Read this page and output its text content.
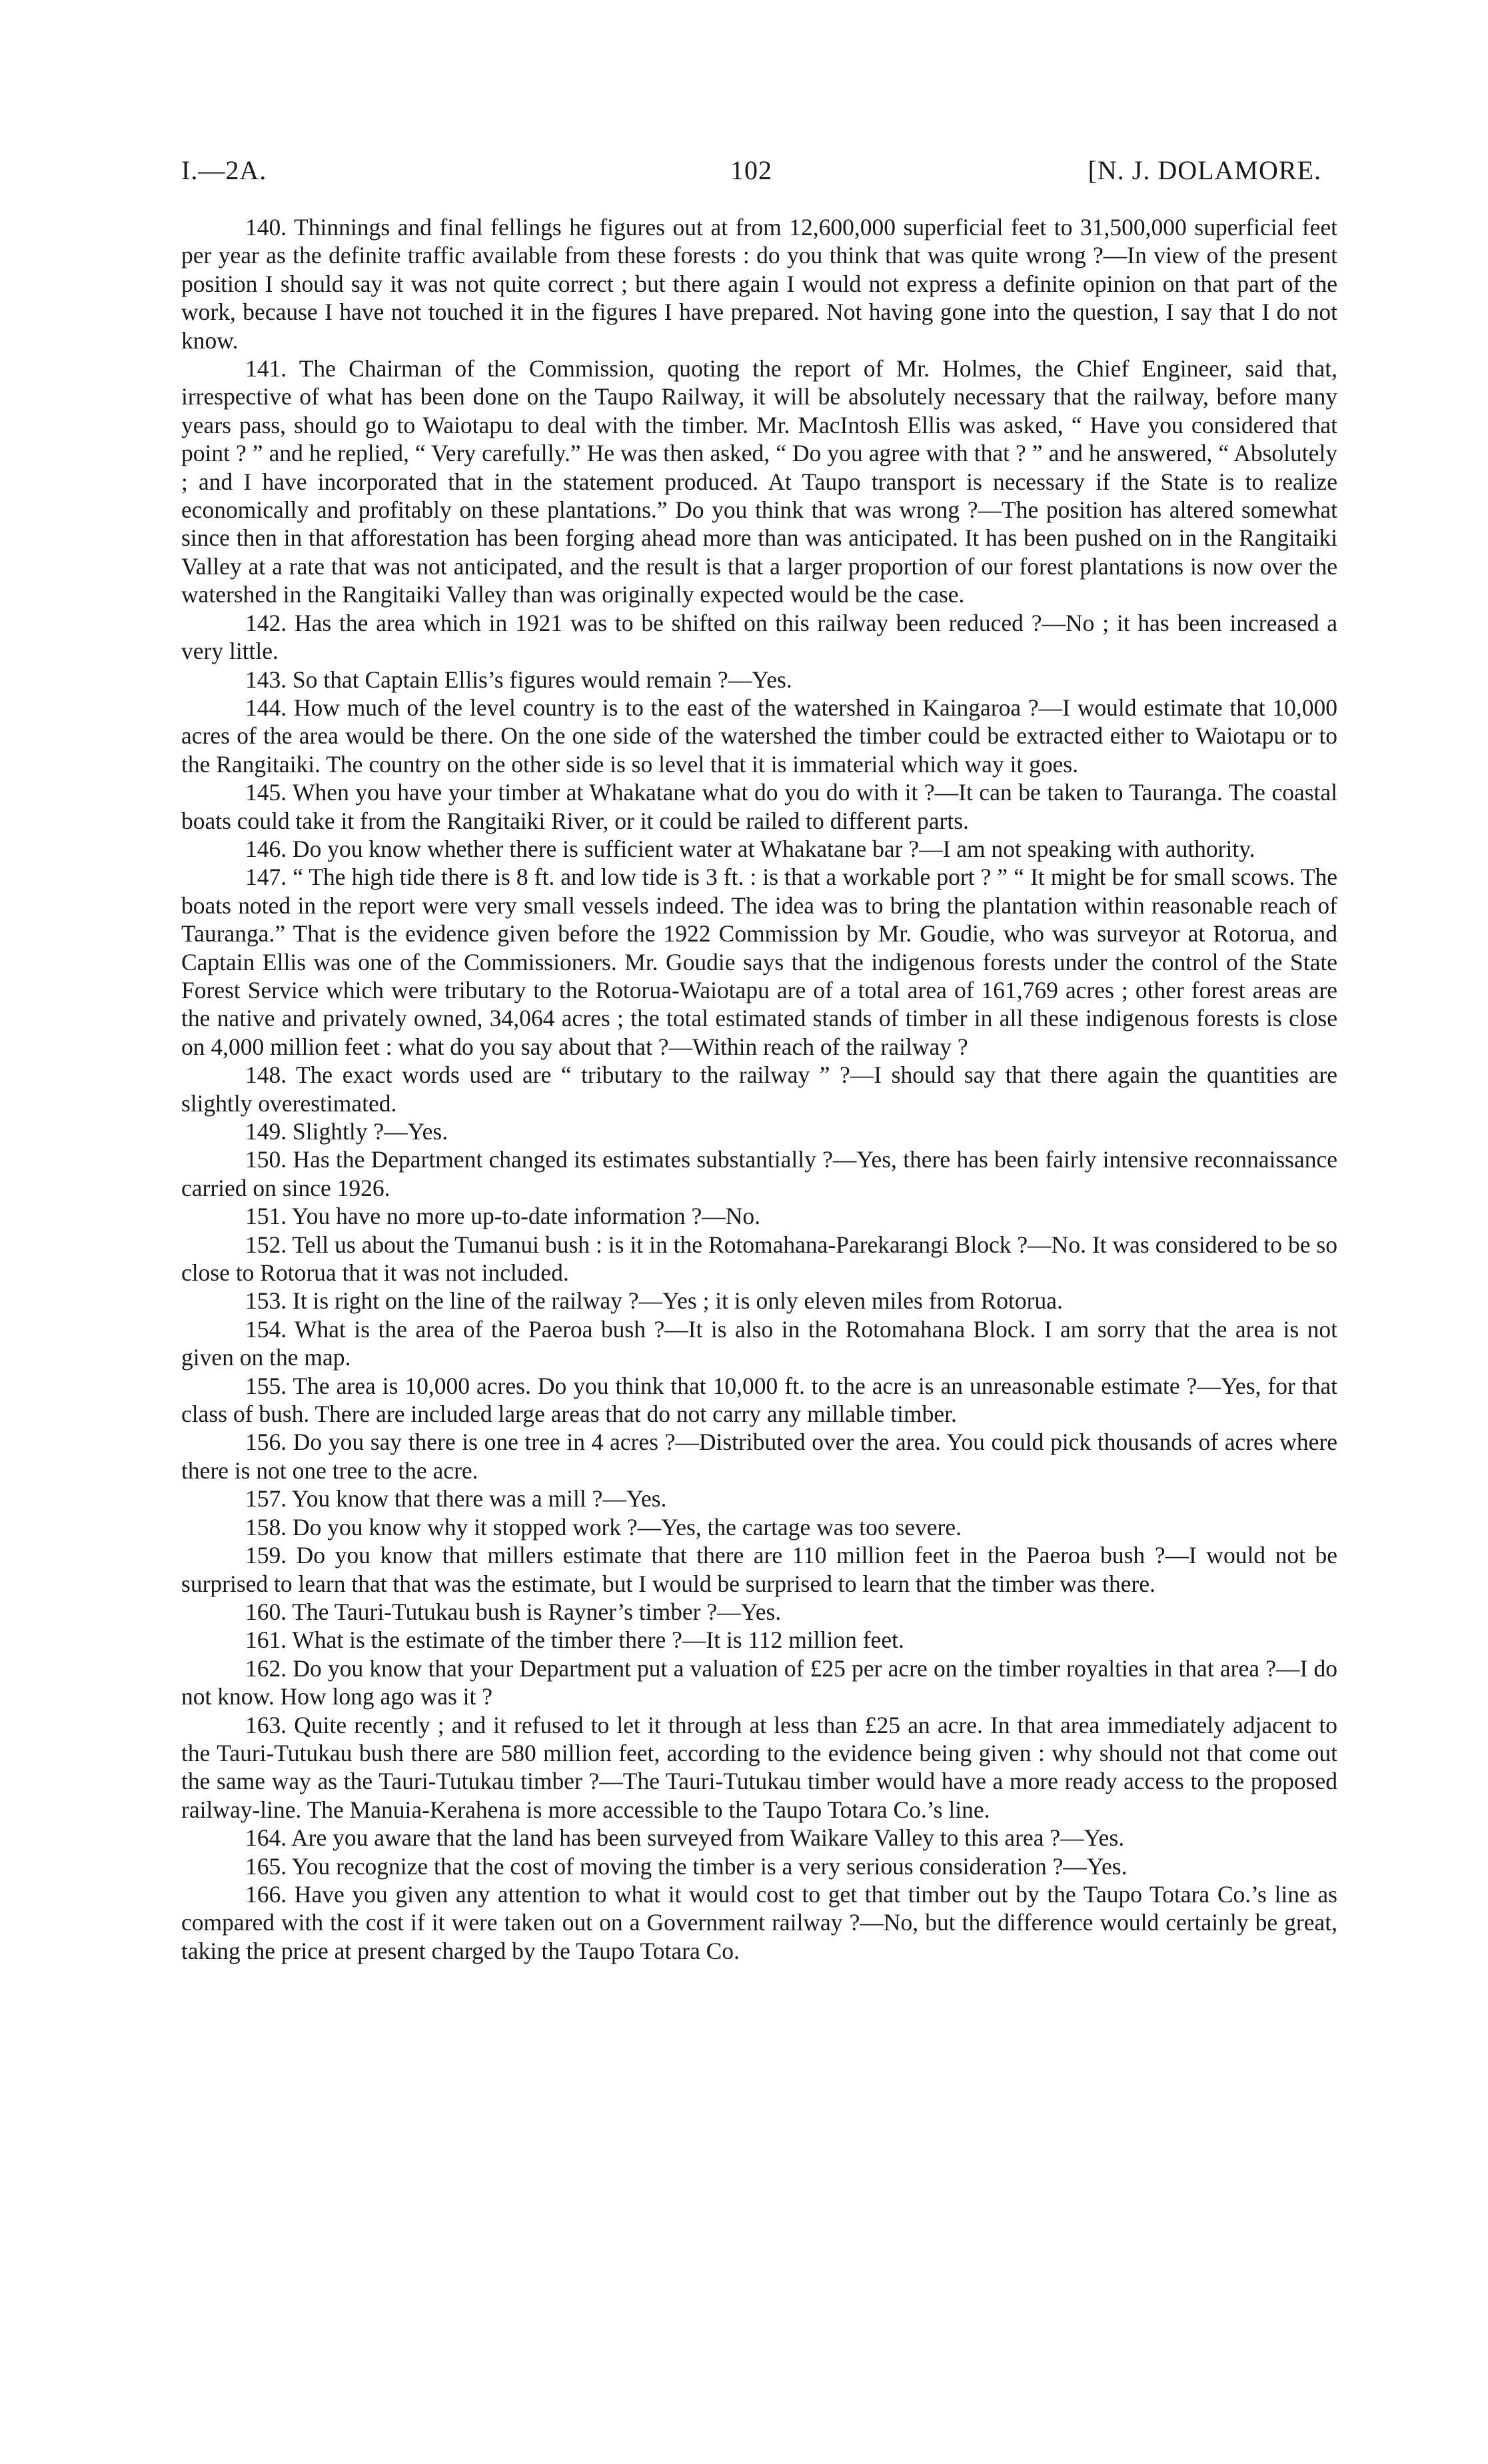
I.—2A.	102	[N. J. DOLAMORE.

140. Thinnings and final fellings he figures out at from 12,600,000 superficial feet to 31,500,000 superficial feet per year as the definite traffic available from these forests : do you think that was quite wrong ?—In view of the present position I should say it was not quite correct ; but there again I would not express a definite opinion on that part of the work, because I have not touched it in the figures I have prepared. Not having gone into the question, I say that I do not know.

141. The Chairman of the Commission, quoting the report of Mr. Holmes, the Chief Engineer, said that, irrespective of what has been done on the Taupo Railway, it will be absolutely necessary that the railway, before many years pass, should go to Waiotapu to deal with the timber. Mr. MacIntosh Ellis was asked, “ Have you considered that point ? ” and he replied, “ Very carefully.” He was then asked, “ Do you agree with that ? ” and he answered, “ Absolutely ; and I have incorporated that in the statement produced. At Taupo transport is necessary if the State is to realize economically and profitably on these plantations.” Do you think that was wrong ?—The position has altered somewhat since then in that afforestation has been forging ahead more than was anticipated. It has been pushed on in the Rangitaiki Valley at a rate that was not anticipated, and the result is that a larger proportion of our forest plantations is now over the watershed in the Rangitaiki Valley than was originally expected would be the case.

142. Has the area which in 1921 was to be shifted on this railway been reduced ?—No ; it has been increased a very little.

143. So that Captain Ellis’s figures would remain ?—Yes.

144. How much of the level country is to the east of the watershed in Kaingaroa ?—I would estimate that 10,000 acres of the area would be there. On the one side of the watershed the timber could be extracted either to Waiotapu or to the Rangitaiki. The country on the other side is so level that it is immaterial which way it goes.

145. When you have your timber at Whakatane what do you do with it ?—It can be taken to Tauranga. The coastal boats could take it from the Rangitaiki River, or it could be railed to different parts.

146. Do you know whether there is sufficient water at Whakatane bar ?—I am not speaking with authority.

147. “ The high tide there is 8 ft. and low tide is 3 ft. : is that a workable port ? ” “ It might be for small scows. The boats noted in the report were very small vessels indeed. The idea was to bring the plantation within reasonable reach of Tauranga.” That is the evidence given before the 1922 Commission by Mr. Goudie, who was surveyor at Rotorua, and Captain Ellis was one of the Commissioners. Mr. Goudie says that the indigenous forests under the control of the State Forest Service which were tributary to the Rotorua-Waiotapu are of a total area of 161,769 acres ; other forest areas are the native and privately owned, 34,064 acres ; the total estimated stands of timber in all these indigenous forests is close on 4,000 million feet : what do you say about that ?—Within reach of the railway ?

148. The exact words used are “ tributary to the railway ” ?—I should say that there again the quantities are slightly overestimated.

149. Slightly ?—Yes.

150. Has the Department changed its estimates substantially ?—Yes, there has been fairly intensive reconnaissance carried on since 1926.

151. You have no more up-to-date information ?—No.

152. Tell us about the Tumanui bush : is it in the Rotomahana-Parekarangi Block ?—No. It was considered to be so close to Rotorua that it was not included.

153. It is right on the line of the railway ?—Yes ; it is only eleven miles from Rotorua.

154. What is the area of the Paeroa bush ?—It is also in the Rotomahana Block. I am sorry that the area is not given on the map.

155. The area is 10,000 acres. Do you think that 10,000 ft. to the acre is an unreasonable estimate ?—Yes, for that class of bush. There are included large areas that do not carry any millable timber.

156. Do you say there is one tree in 4 acres ?—Distributed over the area. You could pick thousands of acres where there is not one tree to the acre.

157. You know that there was a mill ?—Yes.

158. Do you know why it stopped work ?—Yes, the cartage was too severe.

159. Do you know that millers estimate that there are 110 million feet in the Paeroa bush ?—I would not be surprised to learn that that was the estimate, but I would be surprised to learn that the timber was there.

160. The Tauri-Tutukau bush is Rayner’s timber ?—Yes.

161. What is the estimate of the timber there ?—It is 112 million feet.

162. Do you know that your Department put a valuation of £25 per acre on the timber royalties in that area ?—I do not know. How long ago was it ?

163. Quite recently ; and it refused to let it through at less than £25 an acre. In that area immediately adjacent to the Tauri-Tutukau bush there are 580 million feet, according to the evidence being given : why should not that come out the same way as the Tauri-Tutukau timber ?—The Tauri-Tutukau timber would have a more ready access to the proposed railway-line. The Manuia-Kerahena is more accessible to the Taupo Totara Co.’s line.

164. Are you aware that the land has been surveyed from Waikare Valley to this area ?—Yes.

165. You recognize that the cost of moving the timber is a very serious consideration ?—Yes.

166. Have you given any attention to what it would cost to get that timber out by the Taupo Totara Co.’s line as compared with the cost if it were taken out on a Government railway ?—No, but the difference would certainly be great, taking the price at present charged by the Taupo Totara Co.
